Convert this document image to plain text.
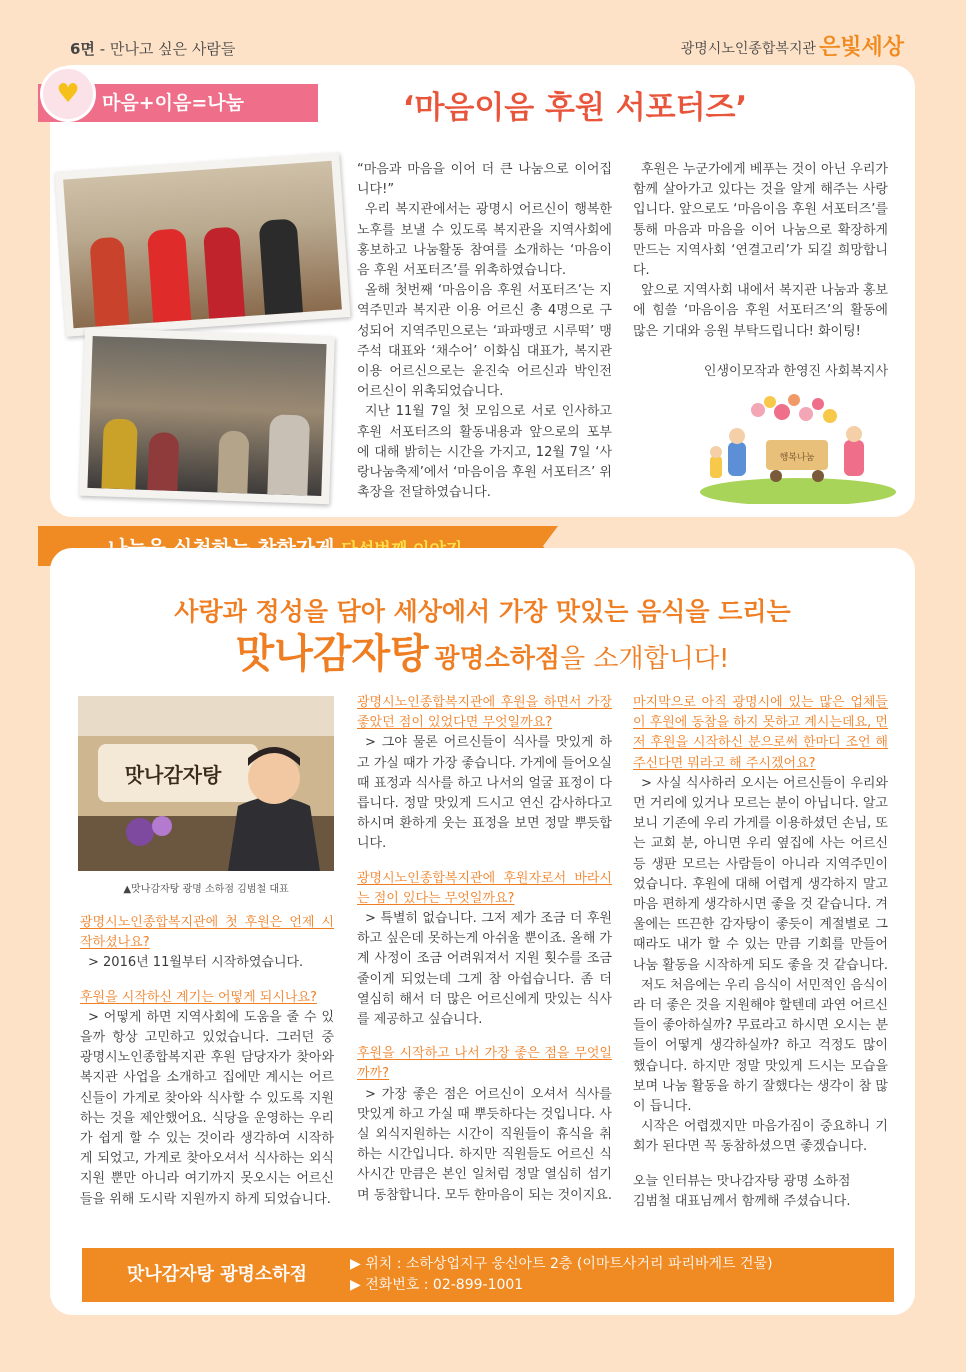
6면 - 만나고 싶은 사람들	광명시노인종합복지관 은빛세상
마음+이음=나눔
♥	‘마음이음 후원 서포터즈’

“마음과 마음을 이어 더 큰 나눔으로 이어집니다!”

우리 복지관에서는 광명시 어르신이 행복한 노후를 보낼 수 있도록 복지관을 지역사회에 홍보하고 나눔활동 참여를 소개하는 ‘마음이음 후원 서포터즈’를 위촉하였습니다.

올해 첫번째 ‘마음이음 후원 서포터즈’는 지역주민과 복지관 이용 어르신 총 4명으로 구성되어 지역주민으로는 ‘파파맹코 시루떡’ 맹주석 대표와 ‘채수어’ 이화심 대표가, 복지관 이용 어르신으로는 윤진숙 어르신과 박인전 어르신이 위촉되었습니다.

지난 11월 7일 첫 모임으로 서로 인사하고 후원 서포터즈의 활동내용과 앞으로의 포부에 대해 밝히는 시간을 가지고, 12월 7일 ‘사랑나눔축제’에서 ‘마음이음 후원 서포터즈’ 위촉장을 전달하였습니다.

후원은 누군가에게 베푸는 것이 아닌 우리가 함께 살아가고 있다는 것을 알게 해주는 사랑입니다. 앞으로도 ‘마음이음 후원 서포터즈’를 통해 마음과 마음을 이어 나눔으로 확장하게 만드는 지역사회 ‘연결고리’가 되길 희망합니다.

앞으로 지역사회 내에서 복지관 나눔과 홍보에 힘쓸 ‘마음이음 후원 서포터즈’의 활동에 많은 기대와 응원 부탁드립니다! 화이팅!

인생이모작과 한영진 사회복지사
행복나눔
사랑과 정성을 담아 세상에서 가장 맛있는 음식을 드리는
맛나감자탕 광명소하점을 소개합니다!
맛나감자탕
▲맛나감자탕 광명 소하점 김범철 대표

광명시노인종합복지관에 첫 후원은 언제 시작하셨나요?

> 2016년 11월부터 시작하였습니다.

후원을 시작하신 계기는 어떻게 되시나요?

> 어떻게 하면 지역사회에 도움을 줄 수 있을까 항상 고민하고 있었습니다. 그러던 중 광명시노인종합복지관 후원 담당자가 찾아와 복지관 사업을 소개하고 집에만 계시는 어르신들이 가게로 찾아와 식사할 수 있도록 지원하는 것을 제안했어요. 식당을 운영하는 우리가 쉽게 할 수 있는 것이라 생각하여 시작하게 되었고, 가게로 찾아오셔서 식사하는 외식지원 뿐만 아니라 여기까지 못오시는 어르신들을 위해 도시락 지원까지 하게 되었습니다.

광명시노인종합복지관에 후원을 하면서 가장 좋았던 점이 있었다면 무엇일까요?

> 그야 물론 어르신들이 식사를 맛있게 하고 가실 때가 가장 좋습니다. 가게에 들어오실 때 표정과 식사를 하고 나서의 얼굴 표정이 다릅니다. 정말 맛있게 드시고 연신 감사하다고 하시며 환하게 웃는 표정을 보면 정말 뿌듯합니다.

광명시노인종합복지관에 후원자로서 바라시는 점이 있다는 무엇일까요?

> 특별히 없습니다. 그저 제가 조금 더 후원하고 싶은데 못하는게 아쉬울 뿐이죠. 올해 가계 사정이 조금 어려워져서 지원 횟수를 조금 줄이게 되었는데 그게 참 아쉽습니다. 좀 더 열심히 해서 더 많은 어르신에게 맛있는 식사를 제공하고 싶습니다.

후원을 시작하고 나서 가장 좋은 점을 무엇일까까?

> 가장 좋은 점은 어르신이 오셔서 식사를 맛있게 하고 가실 때 뿌듯하다는 것입니다. 사실 외식지원하는 시간이 직원들이 휴식을 취하는 시간입니다. 하지만 직원들도 어르신 식사시간 만큼은 본인 일처럼 정말 열심히 섬기며 동참합니다. 모두 한마음이 되는 것이지요.

마지막으로 아직 광명시에 있는 많은 업체들이 후원에 동참을 하지 못하고 계시는데요, 먼저 후원을 시작하신 분으로써 한마디 조언 해 주신다면 뭐라고 해 주시겠어요?

> 사실 식사하러 오시는 어르신들이 우리와 먼 거리에 있거나 모르는 분이 아닙니다. 알고 보니 기존에 우리 가게를 이용하셨던 손님, 또는 교회 분, 아니면 우리 옆집에 사는 어르신 등 생판 모르는 사람들이 아니라 지역주민이었습니다. 후원에 대해 어렵게 생각하지 말고 마음 편하게 생각하시면 좋을 것 같습니다. 겨울에는 뜨끈한 감자탕이 좋듯이 계절별로 그때라도 내가 할 수 있는 만큼 기회를 만들어 나눔 활동을 시작하게 되도 좋을 것 같습니다.

저도 처음에는 우리 음식이 서민적인 음식이라 더 좋은 것을 지원해야 할텐데 과연 어르신들이 좋아하실까? 무료라고 하시면 오시는 분들이 어떻게 생각하실까? 하고 걱정도 많이 했습니다. 하지만 정말 맛있게 드시는 모습을 보며 나눔 활동을 하기 잘했다는 생각이 참 많이 듭니다.

시작은 어렵겠지만 마음가짐이 중요하니 기회가 된다면 꼭 동참하셨으면 좋겠습니다.

오늘 인터뷰는 맛나감자탕 광명 소하점

김범철 대표님께서 함께해 주셨습니다.

맛나감자탕 광명소하점	▶ 위치 : 소하상업지구 웅신아트 2층 (이마트사거리 파리바게트 건물)
▶ 전화번호 : 02-899-1001
